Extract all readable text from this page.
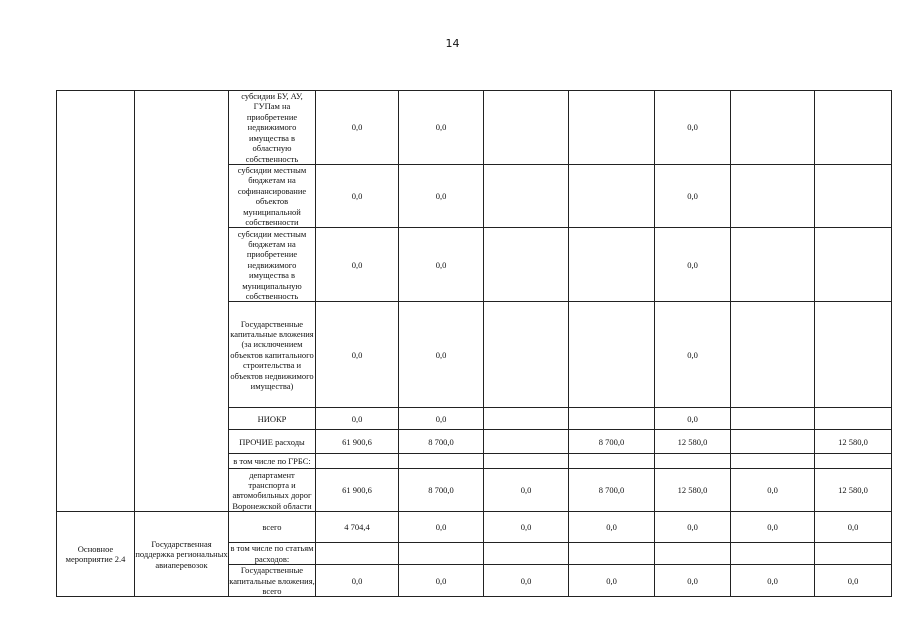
14
		субсидии БУ, АУ, ГУПам на приобретение недвижимого имущества в областную собственность	0,0	0,0			0,0		
		субсидии местным бюджетам на софинансирование объектов муниципальной собственности	0,0	0,0			0,0		
		субсидии местным бюджетам на приобретение недвижимого имущества в муниципальную собственность	0,0	0,0			0,0		
		Государственные капитальные вложения (за исключением объектов капитального строительства и объектов недвижимого имущества)	0,0	0,0			0,0		
		НИОКР	0,0	0,0			0,0		
		ПРОЧИЕ расходы	61 900,6	8 700,0		8 700,0	12 580,0		12 580,0
		в том числе по ГРБС:							
		департамент транспорта и автомобильных дорог Воронежской области	61 900,6	8 700,0	0,0	8 700,0	12 580,0	0,0	12 580,0
Основное мероприятие 2.4	Государственная поддержка региональных авиаперевозок	всего	4 704,4	0,0	0,0	0,0	0,0	0,0	0,0
		в том числе по статьям расходов:							
		Государственные капитальные вложения, всего	0,0	0,0	0,0	0,0	0,0	0,0	0,0
